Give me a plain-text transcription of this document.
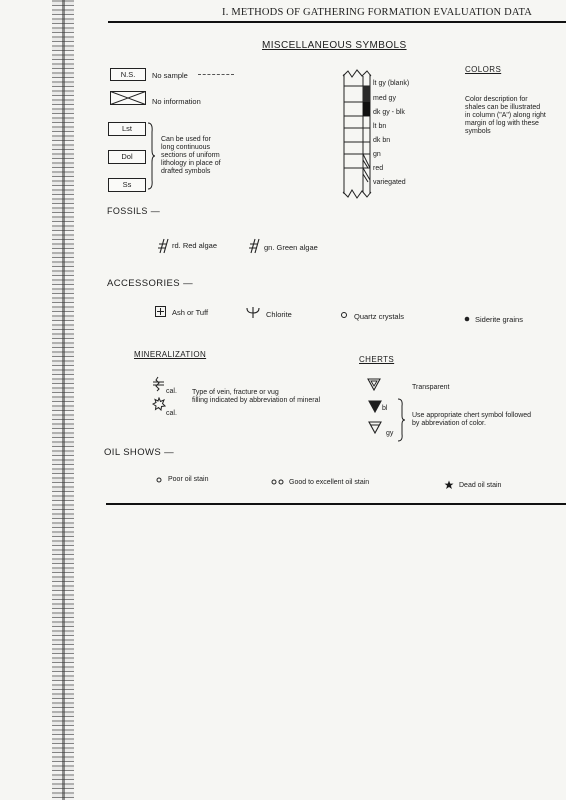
I. METHODS OF GATHERING FORMATION EVALUATION DATA
MISCELLANEOUS SYMBOLS
N.S.	No sample
No information
Lst
Dol
Ss
Can be used for
long continuous
sections of uniform
lithology in place of
drafted symbols
lt gy (blank)
med gy
dk gy - blk
lt bn
dk bn
gn
red
variegated
COLORS
Color description for
shales can be illustrated
in column ("A") along right
margin of log with these
symbols
FOSSILS —
rd. Red algae	gn. Green algae
ACCESSORIES —
Ash or Tuff	Chlorite	Quartz crystals	Siderite grains
MINERALIZATION
cal.
cal.
Type of vein, fracture or vug
filling indicated by abbreviation of mineral
CHERTS
Transparent
bl
gy
Use appropriate chert symbol followed
by abbreviation of color.
OIL SHOWS —
Poor oil stain	Good to excellent oil stain	Dead oil stain
